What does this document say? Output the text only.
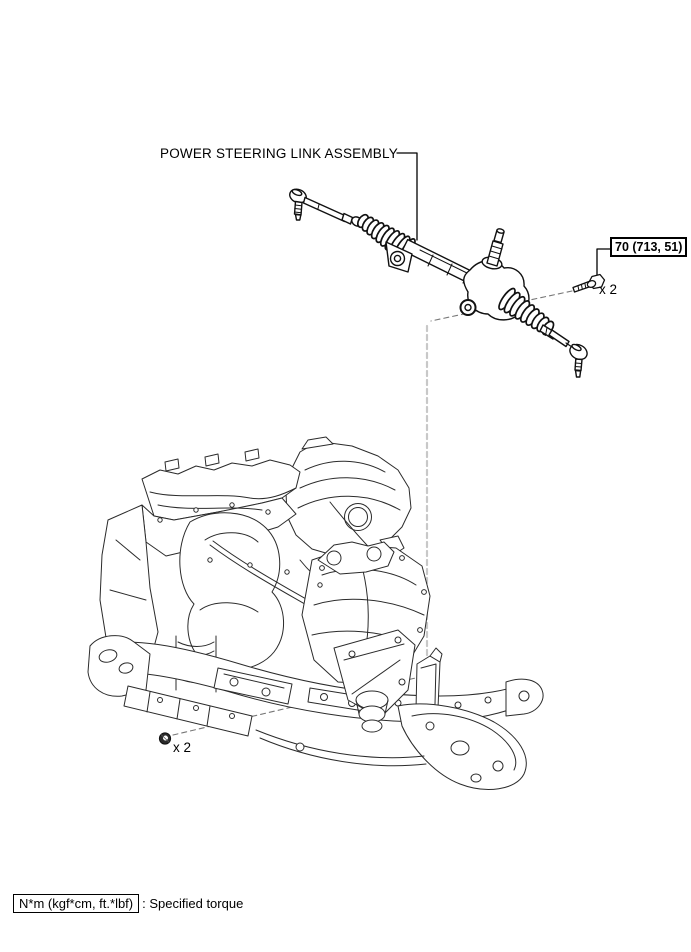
POWER STEERING LINK ASSEMBLY
70 (713, 51)
x 2
x 2
N*m (kgf*cm, ft.*lbf) : Specified torque
